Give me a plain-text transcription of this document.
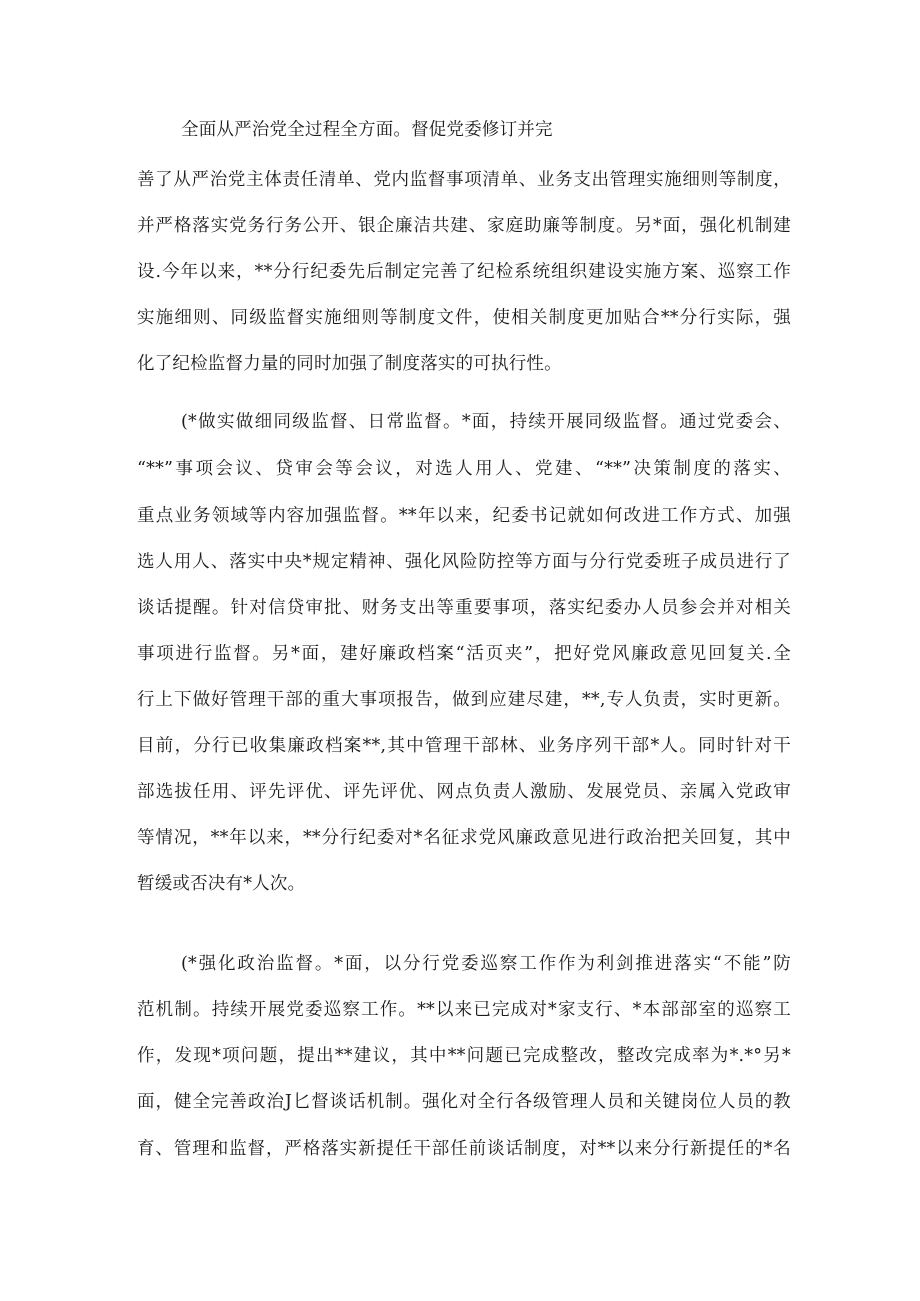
全面从严治党全过程全方面。督促党委修订并完
善了从严治党主体责任清单、党内监督事项清单、业务支出管理实施细则等制度，
并严格落实党务行务公开、银企廉洁共建、家庭助廉等制度。另*面，强化机制建
设.今年以来，**分行纪委先后制定完善了纪检系统组织建设实施方案、巡察工作
实施细则、同级监督实施细则等制度文件，使相关制度更加贴合**分行实际，强
化了纪检监督力量的同时加强了制度落实的可执行性。
(*做实做细同级监督、日常监督。*面，持续开展同级监督。通过党委会、
“**”事项会议、贷审会等会议，对选人用人、党建、“**”决策制度的落实、
重点业务领域等内容加强监督。**年以来，纪委书记就如何改进工作方式、加强
选人用人、落实中央*规定精神、强化风险防控等方面与分行党委班子成员进行了
谈话提醒。针对信贷审批、财务支出等重要事项，落实纪委办人员参会并对相关
事项进行监督。另*面，建好廉政档案“活页夹”，把好党风廉政意见回复关.全
行上下做好管理干部的重大事项报告，做到应建尽建，**,专人负责，实时更新。
目前，分行已收集廉政档案**,其中管理干部林、业务序列干部*人。同时针对干
部选拔任用、评先评优、评先评优、网点负责人激励、发展党员、亲属入党政审
等情况，**年以来，**分行纪委对*名征求党风廉政意见进行政治把关回复，其中
暂缓或否决有*人次。
(*强化政治监督。*面，以分行党委巡察工作作为利剑推进落实“不能”防
范机制。持续开展党委巡察工作。**以来已完成对*家支行、*本部部室的巡察工
作，发现*项问题，提出**建议，其中**问题已完成整改，整改完成率为*.*°另*
面，健全完善政治J匕督谈话机制。强化对全行各级管理人员和关键岗位人员的教
育、管理和监督，严格落实新提任干部任前谈话制度，对**以来分行新提任的*名
